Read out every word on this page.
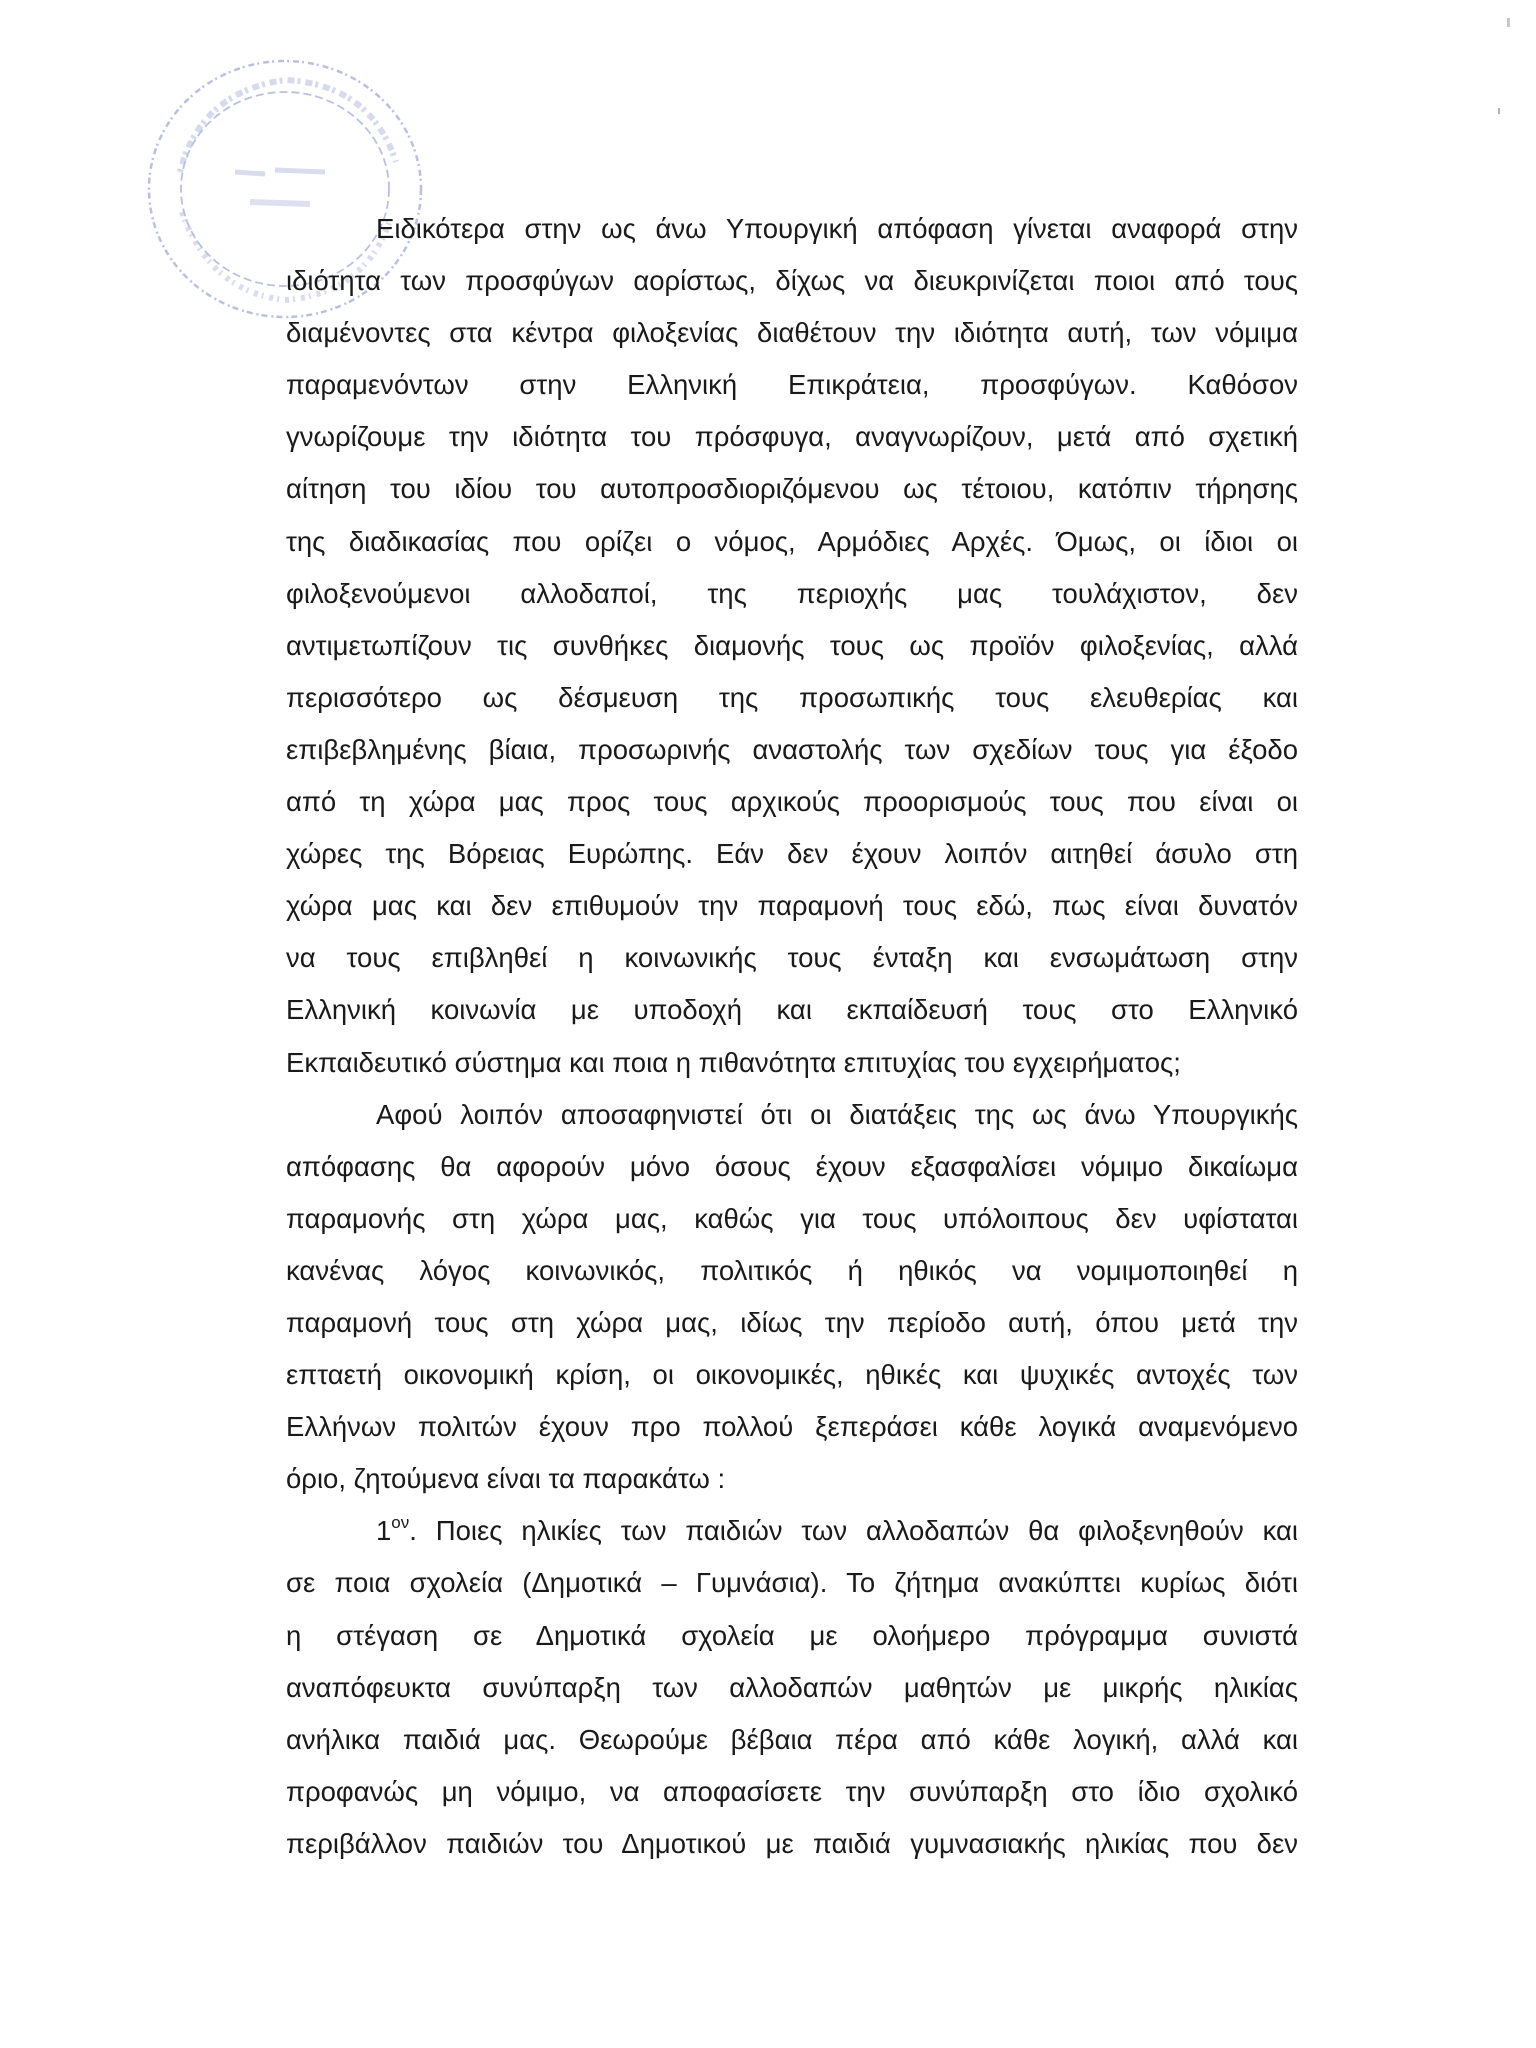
Ειδικότερα στην ως άνω Υπουργική απόφαση γίνεται αναφορά στην
ιδιότητα των προσφύγων αορίστως, δίχως να διευκρινίζεται ποιοι από τους
διαμένοντες στα κέντρα φιλοξενίας διαθέτουν την ιδιότητα αυτή, των νόμιμα
παραμενόντων στην Ελληνική Επικράτεια, προσφύγων. Καθόσον
γνωρίζουμε την ιδιότητα του πρόσφυγα, αναγνωρίζουν, μετά από σχετική
αίτηση του ιδίου του αυτοπροσδιοριζόμενου ως τέτοιου, κατόπιν τήρησης
της διαδικασίας που ορίζει ο νόμος, Αρμόδιες Αρχές. Όμως, οι ίδιοι οι
φιλοξενούμενοι αλλοδαποί, της περιοχής μας τουλάχιστον, δεν
αντιμετωπίζουν τις συνθήκες διαμονής τους ως προϊόν φιλοξενίας, αλλά
περισσότερο ως δέσμευση της προσωπικής τους ελευθερίας και
επιβεβλημένης βίαια, προσωρινής αναστολής των σχεδίων τους για έξοδο
από τη χώρα μας προς τους αρχικούς προορισμούς τους που είναι οι
χώρες της Βόρειας Ευρώπης. Εάν δεν έχουν λοιπόν αιτηθεί άσυλο στη
χώρα μας και δεν επιθυμούν την παραμονή τους εδώ, πως είναι δυνατόν
να τους επιβληθεί η κοινωνικής τους ένταξη και ενσωμάτωση στην
Ελληνική κοινωνία με υποδοχή και εκπαίδευσή τους στο Ελληνικό
Εκπαιδευτικό σύστημα και ποια η πιθανότητα επιτυχίας του εγχειρήματος;
Αφού λοιπόν αποσαφηνιστεί ότι οι διατάξεις της ως άνω Υπουργικής
απόφασης θα αφορούν μόνο όσους έχουν εξασφαλίσει νόμιμο δικαίωμα
παραμονής στη χώρα μας, καθώς για τους υπόλοιπους δεν υφίσταται
κανένας λόγος κοινωνικός, πολιτικός ή ηθικός να νομιμοποιηθεί η
παραμονή τους στη χώρα μας, ιδίως την περίοδο αυτή, όπου μετά την
επταετή οικονομική κρίση, οι οικονομικές, ηθικές και ψυχικές αντοχές των
Ελλήνων πολιτών έχουν προ πολλού ξεπεράσει κάθε λογικά αναμενόμενο
όριο, ζητούμενα είναι τα παρακάτω :
$1^{o\nu}$. Ποιες ηλικίες των παιδιών των αλλοδαπών θα φιλοξενηθούν και
σε ποια σχολεία (Δημοτικά – Γυμνάσια). Το ζήτημα ανακύπτει κυρίως διότι
η στέγαση σε Δημοτικά σχολεία με ολοήμερο πρόγραμμα συνιστά
αναπόφευκτα συνύπαρξη των αλλοδαπών μαθητών με μικρής ηλικίας
ανήλικα παιδιά μας. Θεωρούμε βέβαια πέρα από κάθε λογική, αλλά και
προφανώς μη νόμιμο, να αποφασίσετε την συνύπαρξη στο ίδιο σχολικό
περιβάλλον παιδιών του Δημοτικού με παιδιά γυμνασιακής ηλικίας που δεν
